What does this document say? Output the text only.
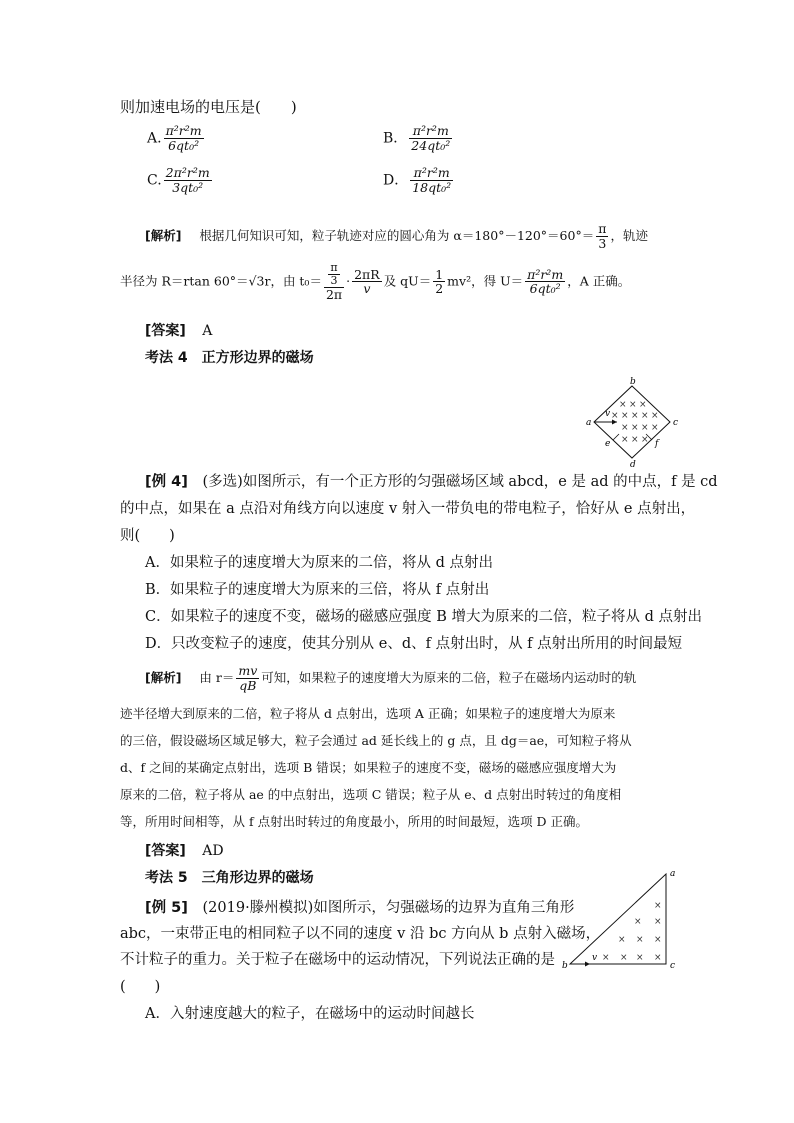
则加速电场的电压是(　　)
A. $\frac{\text{π²r²m}}{\text{6qt₀²}}$	B． $\frac{\text{π²r²m}}{\text{24qt₀²}}$
C. $\frac{\text{2π²r²m}}{\text{3qt₀²}}$	D． $\frac{\text{π²r²m}}{\text{18qt₀²}}$
[解析] 根据几何知识可知，粒子轨迹对应的圆心角为 $\alpha=180^\circ-120^\circ=60^\circ= \frac{\pi}{3}$ ，轨迹
半径为 R＝rtan 60°＝√3r，由 $t_0= \frac{\frac{\pi}{3}}{2\pi} \cdot \frac{2\pi R}{v}$ 及 $qU= \frac{1}{2} mv^2$，得 $U= \frac{\text{π²r²m}}{\text{6qt₀²}}$ ，A 正确。
[答案] A
考法 4　正方形边界的磁场
b
a	c
d
e	f
v
× × ×
× × × × ×
× × × ×
× × ×
[例 4] (多选)如图所示，有一个正方形的匀强磁场区域 abcd，e 是 ad 的中点，f 是 cd
的中点，如果在 a 点沿对角线方向以速度 v 射入一带负电的带电粒子，恰好从 e 点射出，
则(　　)
A．如果粒子的速度增大为原来的二倍，将从 d 点射出
B．如果粒子的速度增大为原来的三倍，将从 f 点射出
C．如果粒子的速度不变，磁场的磁感应强度 B 增大为原来的二倍，粒子将从 d 点射出
D．只改变粒子的速度，使其分别从 e、d、f 点射出时，从 f 点射出所用的时间最短
[解析] 由 $r= \frac{mv}{qB}$ 可知，如果粒子的速度增大为原来的二倍，粒子在磁场内运动时的轨
迹半径增大到原来的二倍，粒子将从 d 点射出，选项 A 正确；如果粒子的速度增大为原来
的三倍，假设磁场区域足够大，粒子会通过 ad 延长线上的 g 点，且 dg＝ae，可知粒子将从
d、f 之间的某确定点射出，选项 B 错误；如果粒子的速度不变，磁场的磁感应强度增大为
原来的二倍，粒子将从 ae 的中点射出，选项 C 错误；粒子从 e、d 点射出时转过的角度相
等，所用时间相等，从 f 点射出时转过的角度最小，所用的时间最短，选项 D 正确。
[答案] AD
考法 5　三角形边界的磁场
[例 5] (2019·滕州模拟)如图所示，匀强磁场的边界为直角三角形
abc，一束带正电的相同粒子以不同的速度 v 沿 bc 方向从 b 点射入磁场，
不计粒子的重力。关于粒子在磁场中的运动情况，下列说法正确的是
(　　)
A．入射速度越大的粒子，在磁场中的运动时间越长
a
b	c
v
×
× ×
× × ×
× × × ×
